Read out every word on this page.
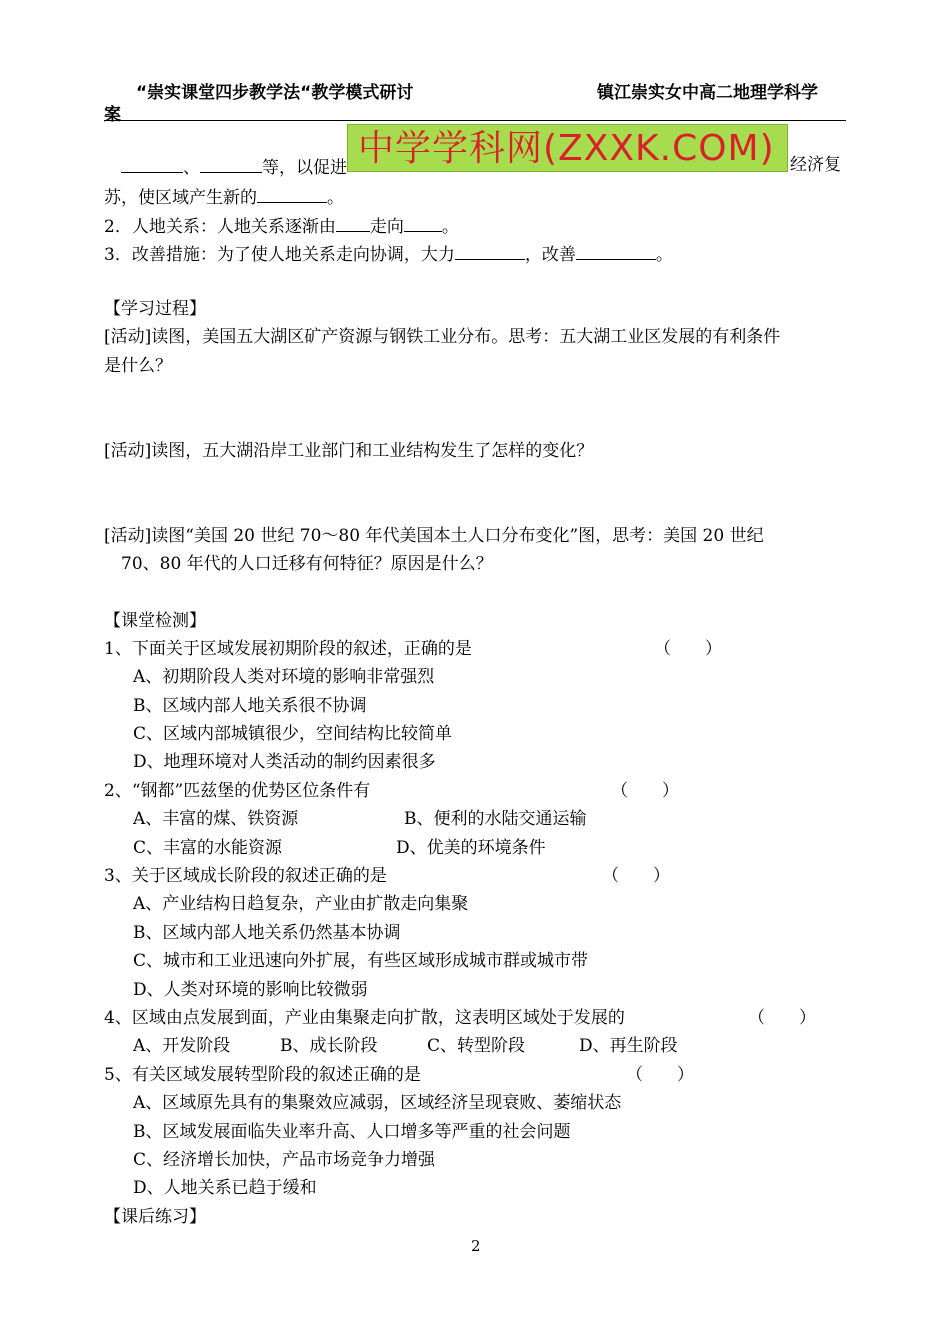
“崇实课堂四步教学法“教学模式研讨	镇江崇实女中高二地理学科学
案
、	等，以促进	经济复
中学学科网(ZXXK.COM)
苏，使区域产生新的	。
2．人地关系：人地关系逐渐由 走向 。
3．改善措施：为了使人地关系走向协调，大力	，改善	。
【学习过程】
[活动]读图，美国五大湖区矿产资源与钢铁工业分布。思考：五大湖工业区发展的有利条件
是什么？
[活动]读图，五大湖沿岸工业部门和工业结构发生了怎样的变化？
[活动]读图“美国 20 世纪 70～80 年代美国本土人口分布变化”图，思考：美国 20 世纪
70、80 年代的人口迁移有何特征？原因是什么？
【课堂检测】
1、下面关于区域发展初期阶段的叙述，正确的是	（　　）
A、初期阶段人类对环境的影响非常强烈
B、区域内部人地关系很不协调
C、区域内部城镇很少，空间结构比较简单
D、地理环境对人类活动的制约因素很多
2、“钢都”匹兹堡的优势区位条件有	（　　）
A、丰富的煤、铁资源	B、便利的水陆交通运输
C、丰富的水能资源	D、优美的环境条件
3、关于区域成长阶段的叙述正确的是	（　　）
A、产业结构日趋复杂，产业由扩散走向集聚
B、区域内部人地关系仍然基本协调
C、城市和工业迅速向外扩展，有些区域形成城市群或城市带
D、人类对环境的影响比较微弱
4、区域由点发展到面，产业由集聚走向扩散，这表明区域处于发展的	（　　）
A、开发阶段	B、成长阶段	C、转型阶段	D、再生阶段
5、有关区域发展转型阶段的叙述正确的是	（　　）
A、区域原先具有的集聚效应减弱，区域经济呈现衰败、萎缩状态
B、区域发展面临失业率升高、人口增多等严重的社会问题
C、经济增长加快，产品市场竞争力增强
D、人地关系已趋于缓和
【课后练习】
2
